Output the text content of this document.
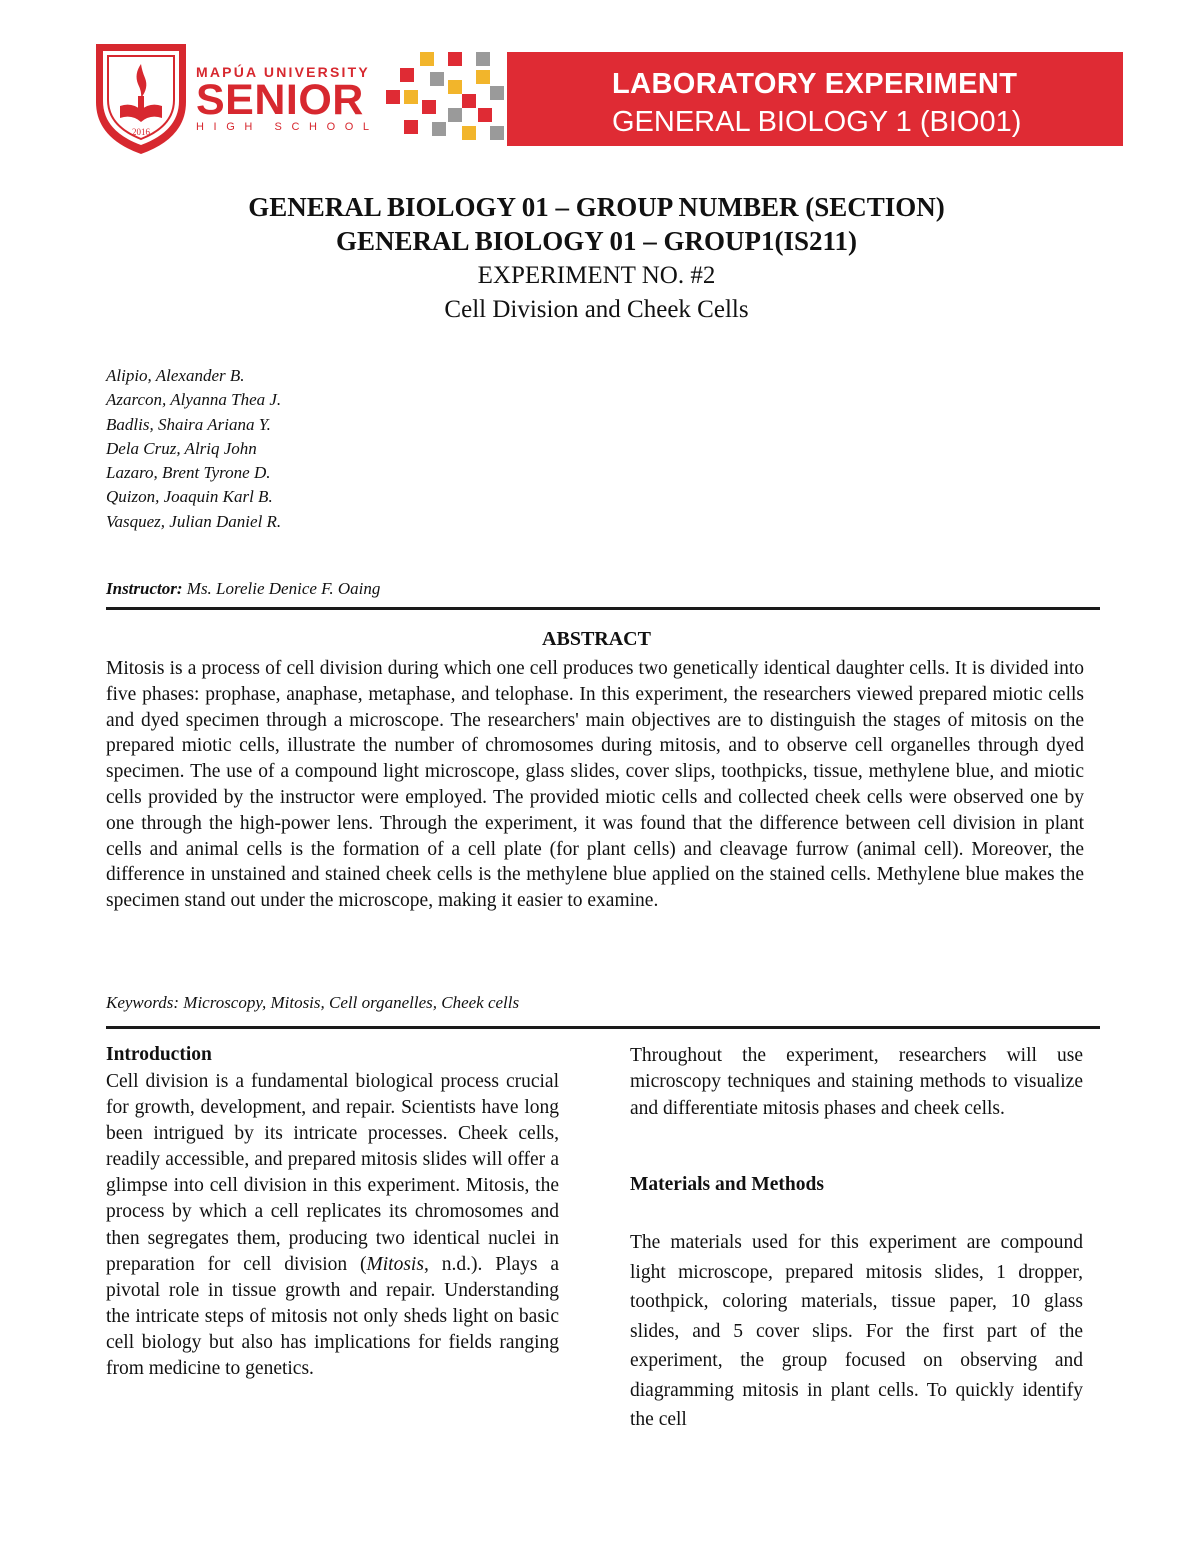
2016
MAPÚA UNIVERSITY
SENIOR
HIGH SCHOOL
LABORATORY EXPERIMENT
GENERAL BIOLOGY 1 (BIO01)
GENERAL BIOLOGY 01 – GROUP NUMBER (SECTION)
GENERAL BIOLOGY 01 – GROUP1(IS211)
EXPERIMENT NO. #2
Cell Division and Cheek Cells
Alipio, Alexander B.
Azarcon, Alyanna Thea J.
Badlis, Shaira Ariana Y.
Dela Cruz, Alriq John
Lazaro, Brent Tyrone D.
Quizon, Joaquin Karl B.
Vasquez, Julian Daniel R.
Instructor: Ms. Lorelie Denice F. Oaing
ABSTRACT

Mitosis is a process of cell division during which one cell produces two genetically identical daughter cells. It is divided into five phases: prophase, anaphase, metaphase, and telophase. In this experiment, the researchers viewed prepared miotic cells and dyed specimen through a microscope. The researchers' main objectives are to distinguish the stages of mitosis on the prepared miotic cells, illustrate the number of chromosomes during mitosis, and to observe cell organelles through dyed specimen. The use of a compound light microscope, glass slides, cover slips, toothpicks, tissue, methylene blue, and miotic cells provided by the instructor were employed. The provided miotic cells and collected cheek cells were observed one by one through the high-power lens. Through the experiment, it was found that the difference between cell division in plant cells and animal cells is the formation of a cell plate (for plant cells) and cleavage furrow (animal cell). Moreover, the difference in unstained and stained cheek cells is the methylene blue applied on the stained cells. Methylene blue makes the specimen stand out under the microscope, making it easier to examine.

Keywords: Microscopy, Mitosis, Cell organelles, Cheek cells
Introduction

Cell division is a fundamental biological process crucial for growth, development, and repair. Scientists have long been intrigued by its intricate processes. Cheek cells, readily accessible, and prepared mitosis slides will offer a glimpse into cell division in this experiment. Mitosis, the process by which a cell replicates its chromosomes and then segregates them, producing two identical nuclei in preparation for cell division (Mitosis, n.d.). Plays a pivotal role in tissue growth and repair. Understanding the intricate steps of mitosis not only sheds light on basic cell biology but also has implications for fields ranging from medicine to genetics.

Throughout the experiment, researchers will use microscopy techniques and staining methods to visualize and differentiate mitosis phases and cheek cells.

Materials and Methods

The materials used for this experiment are compound light microscope, prepared mitosis slides, 1 dropper, toothpick, coloring materials, tissue paper, 10 glass slides, and 5 cover slips. For the first part of the experiment, the group focused on observing and diagramming mitosis in plant cells. To quickly identify the cell
